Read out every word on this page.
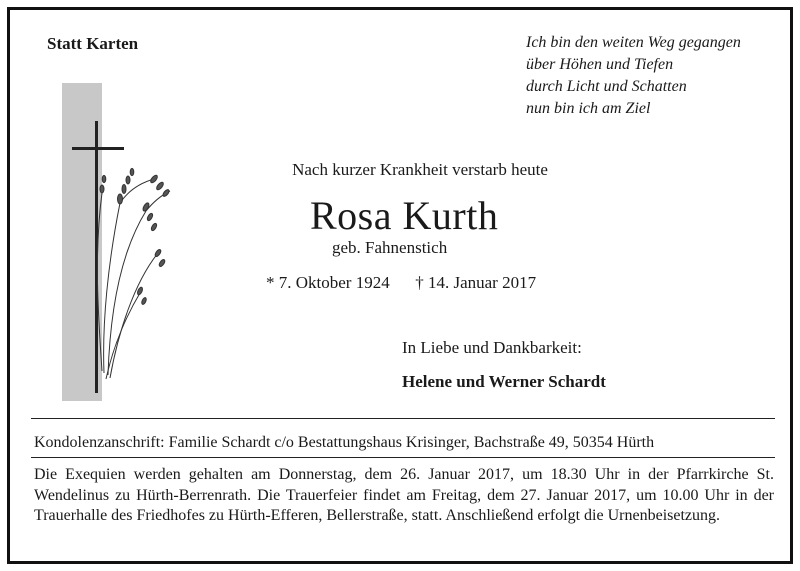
Statt Karten	Ich bin den weiten Weg gegangen
über Höhen und Tiefen
durch Licht und Schatten
nun bin ich am Ziel
Nach kurzer Krankheit verstarb heute
Rosa Kurth
geb. Fahnenstich
* 7. Oktober 1924 † 14. Januar 2017
In Liebe und Dankbarkeit:
Helene und Werner Schardt
Kondolenzanschrift: Familie Schardt c/o Bestattungshaus Krisinger, Bachstraße 49, 50354 Hürth
Die Exequien werden gehalten am Donnerstag, dem 26. Januar 2017, um 18.30 Uhr in der Pfarrkirche St. Wendelinus zu Hürth-Berrenrath. Die Trauerfeier findet am Freitag, dem 27. Januar 2017, um 10.00 Uhr in der Trauerhalle des Friedhofes zu Hürth-Efferen, Bellerstraße, statt. Anschließend erfolgt die Urnenbeisetzung.
